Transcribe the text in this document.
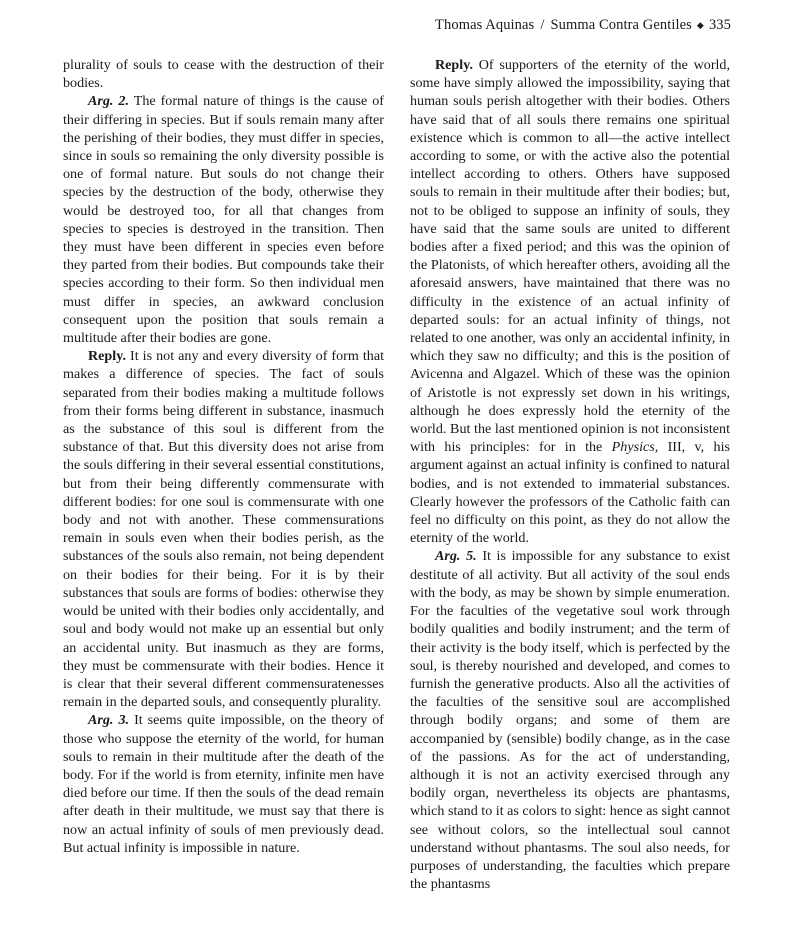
Thomas Aquinas / Summa Contra Gentiles ◆ 335

plurality of souls to cease with the destruction of their bodies.

Arg. 2. The formal nature of things is the cause of their differing in species. But if souls remain many after the perishing of their bodies, they must differ in species, since in souls so remaining the only diversity possible is one of formal nature. But souls do not change their species by the destruction of the body, otherwise they would be destroyed too, for all that changes from species to species is destroyed in the transition. Then they must have been different in species even before they parted from their bodies. But compounds take their species according to their form. So then individual men must differ in species, an awkward conclusion consequent upon the position that souls remain a multitude after their bodies are gone.

Reply. It is not any and every diversity of form that makes a difference of species. The fact of souls separated from their bodies making a multitude follows from their forms being different in substance, inasmuch as the substance of this soul is different from the substance of that. But this diversity does not arise from the souls differing in their several essential constitutions, but from their being differently commensurate with different bodies: for one soul is commensurate with one body and not with another. These commensurations remain in souls even when their bodies perish, as the substances of the souls also remain, not being dependent on their bodies for their being. For it is by their substances that souls are forms of bodies: otherwise they would be united with their bodies only accidentally, and soul and body would not make up an essential but only an accidental unity. But inasmuch as they are forms, they must be commensurate with their bodies. Hence it is clear that their several different commensuratenesses remain in the departed souls, and consequently plurality.

Arg. 3. It seems quite impossible, on the theory of those who suppose the eternity of the world, for human souls to remain in their multitude after the death of the body. For if the world is from eternity, infinite men have died before our time. If then the souls of the dead remain after death in their multitude, we must say that there is now an actual infinity of souls of men previously dead. But actual infinity is impossible in nature.

Reply. Of supporters of the eternity of the world, some have simply allowed the impossibility, saying that human souls perish altogether with their bodies. Others have said that of all souls there remains one spiritual existence which is common to all—the active intellect according to some, or with the active also the potential intellect according to others. Others have supposed souls to remain in their multitude after their bodies; but, not to be obliged to suppose an infinity of souls, they have said that the same souls are united to different bodies after a fixed period; and this was the opinion of the Platonists, of which hereafter others, avoiding all the aforesaid answers, have maintained that there was no difficulty in the existence of an actual infinity of departed souls: for an actual infinity of things, not related to one another, was only an accidental infinity, in which they saw no difficulty; and this is the position of Avicenna and Algazel. Which of these was the opinion of Aristotle is not expressly set down in his writings, although he does expressly hold the eternity of the world. But the last mentioned opinion is not inconsistent with his principles: for in the Physics, III, v, his argument against an actual infinity is confined to natural bodies, and is not extended to immaterial substances. Clearly however the professors of the Catholic faith can feel no difficulty on this point, as they do not allow the eternity of the world.

Arg. 5. It is impossible for any substance to exist destitute of all activity. But all activity of the soul ends with the body, as may be shown by simple enumeration. For the faculties of the vegetative soul work through bodily qualities and bodily instrument; and the term of their activity is the body itself, which is perfected by the soul, is thereby nourished and developed, and comes to furnish the generative products. Also all the activities of the faculties of the sensitive soul are accomplished through bodily organs; and some of them are accompanied by (sensible) bodily change, as in the case of the passions. As for the act of understanding, although it is not an activity exercised through any bodily organ, nevertheless its objects are phantasms, which stand to it as colors to sight: hence as sight cannot see without colors, so the intellectual soul cannot understand without phantasms. The soul also needs, for purposes of understanding, the faculties which prepare the phantasms
